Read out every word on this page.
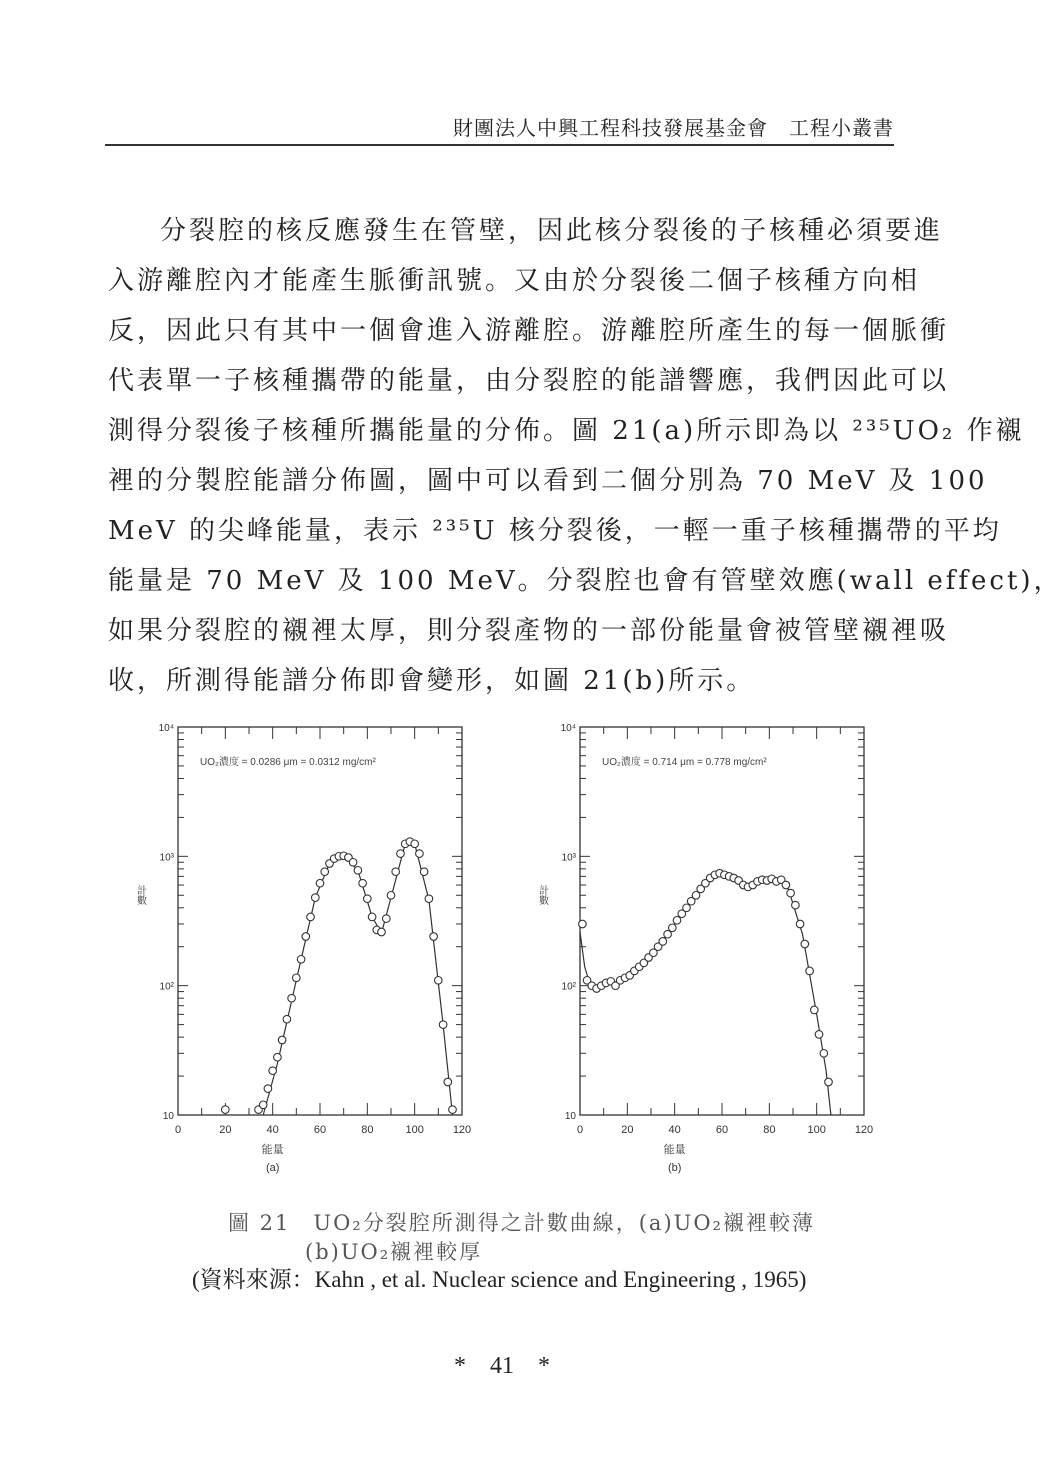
財團法人中興工程科技發展基金會　工程小叢書
分裂腔的核反應發生在管壁，因此核分裂後的子核種必須要進
入游離腔內才能產生脈衝訊號。又由於分裂後二個子核種方向相
反，因此只有其中一個會進入游離腔。游離腔所產生的每一個脈衝
代表單一子核種攜帶的能量，由分裂腔的能譜響應，我們因此可以
測得分裂後子核種所攜能量的分佈。圖 21(a)所示即為以 ²³⁵UO₂ 作襯
裡的分製腔能譜分佈圖，圖中可以看到二個分別為 70 MeV 及 100
MeV 的尖峰能量，表示 ²³⁵U 核分裂後，一輕一重子核種攜帶的平均
能量是 70 MeV 及 100 MeV。分裂腔也會有管壁效應(wall effect)，
如果分裂腔的襯裡太厚，則分裂產物的一部份能量會被管壁襯裡吸
收，所測得能譜分佈即會變形，如圖 21(b)所示。
0	20	40	60	80	100	120
10
10²
10³
10⁴
能量
計數
(a)
UO₂濃度 = 0.0286 μm = 0.0312 mg/cm²
0	20	40	60	80	100	120
10
10²
10³
10⁴
能量
計數
(b)
UO₂濃度 = 0.714 μm = 0.778 mg/cm²
圖 21　UO₂分裂腔所測得之計數曲線，(a)UO₂襯裡較薄
(b)UO₂襯裡較厚
(資料來源：Kahn , et al. Nuclear science and Engineering , 1965)
*　41　*
